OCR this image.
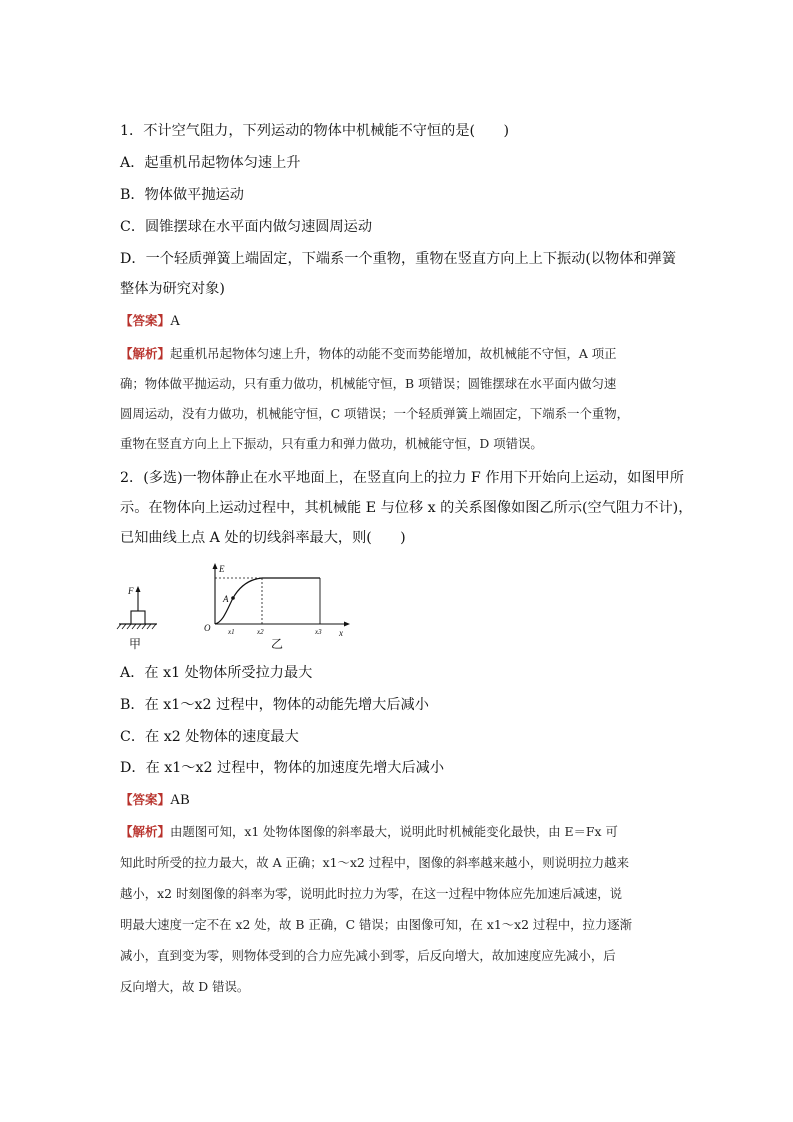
1．不计空气阻力，下列运动的物体中机械能不守恒的是(　　)
A．起重机吊起物体匀速上升
B．物体做平抛运动
C．圆锥摆球在水平面内做匀速圆周运动
D．一个轻质弹簧上端固定，下端系一个重物，重物在竖直方向上上下振动(以物体和弹簧
整体为研究对象)
【答案】A
【解析】起重机吊起物体匀速上升，物体的动能不变而势能增加，故机械能不守恒，A 项正
确；物体做平抛运动，只有重力做功，机械能守恒，B 项错误；圆锥摆球在水平面内做匀速
圆周运动，没有力做功，机械能守恒，C 项错误；一个轻质弹簧上端固定，下端系一个重物，
重物在竖直方向上上下振动，只有重力和弹力做功，机械能守恒，D 项错误。
2．(多选)一物体静止在水平地面上，在竖直向上的拉力 F 作用下开始向上运动，如图甲所
示。在物体向上运动过程中，其机械能 E 与位移 x 的关系图像如图乙所示(空气阻力不计)，
已知曲线上点 A 处的切线斜率最大，则(　　)
F
甲
E
O
A
x
x1	x2	x3
乙
A．在 x1 处物体所受拉力最大
B．在 x1～x2 过程中，物体的动能先增大后减小
C．在 x2 处物体的速度最大
D．在 x1～x2 过程中，物体的加速度先增大后减小
【答案】AB
【解析】由题图可知，x1 处物体图像的斜率最大，说明此时机械能变化最快，由 E＝Fx 可
知此时所受的拉力最大，故 A 正确；x1～x2 过程中，图像的斜率越来越小，则说明拉力越来
越小，x2 时刻图像的斜率为零，说明此时拉力为零，在这一过程中物体应先加速后减速，说
明最大速度一定不在 x2 处，故 B 正确，C 错误；由图像可知，在 x1～x2 过程中，拉力逐渐
减小，直到变为零，则物体受到的合力应先减小到零，后反向增大，故加速度应先减小，后
反向增大，故 D 错误。
